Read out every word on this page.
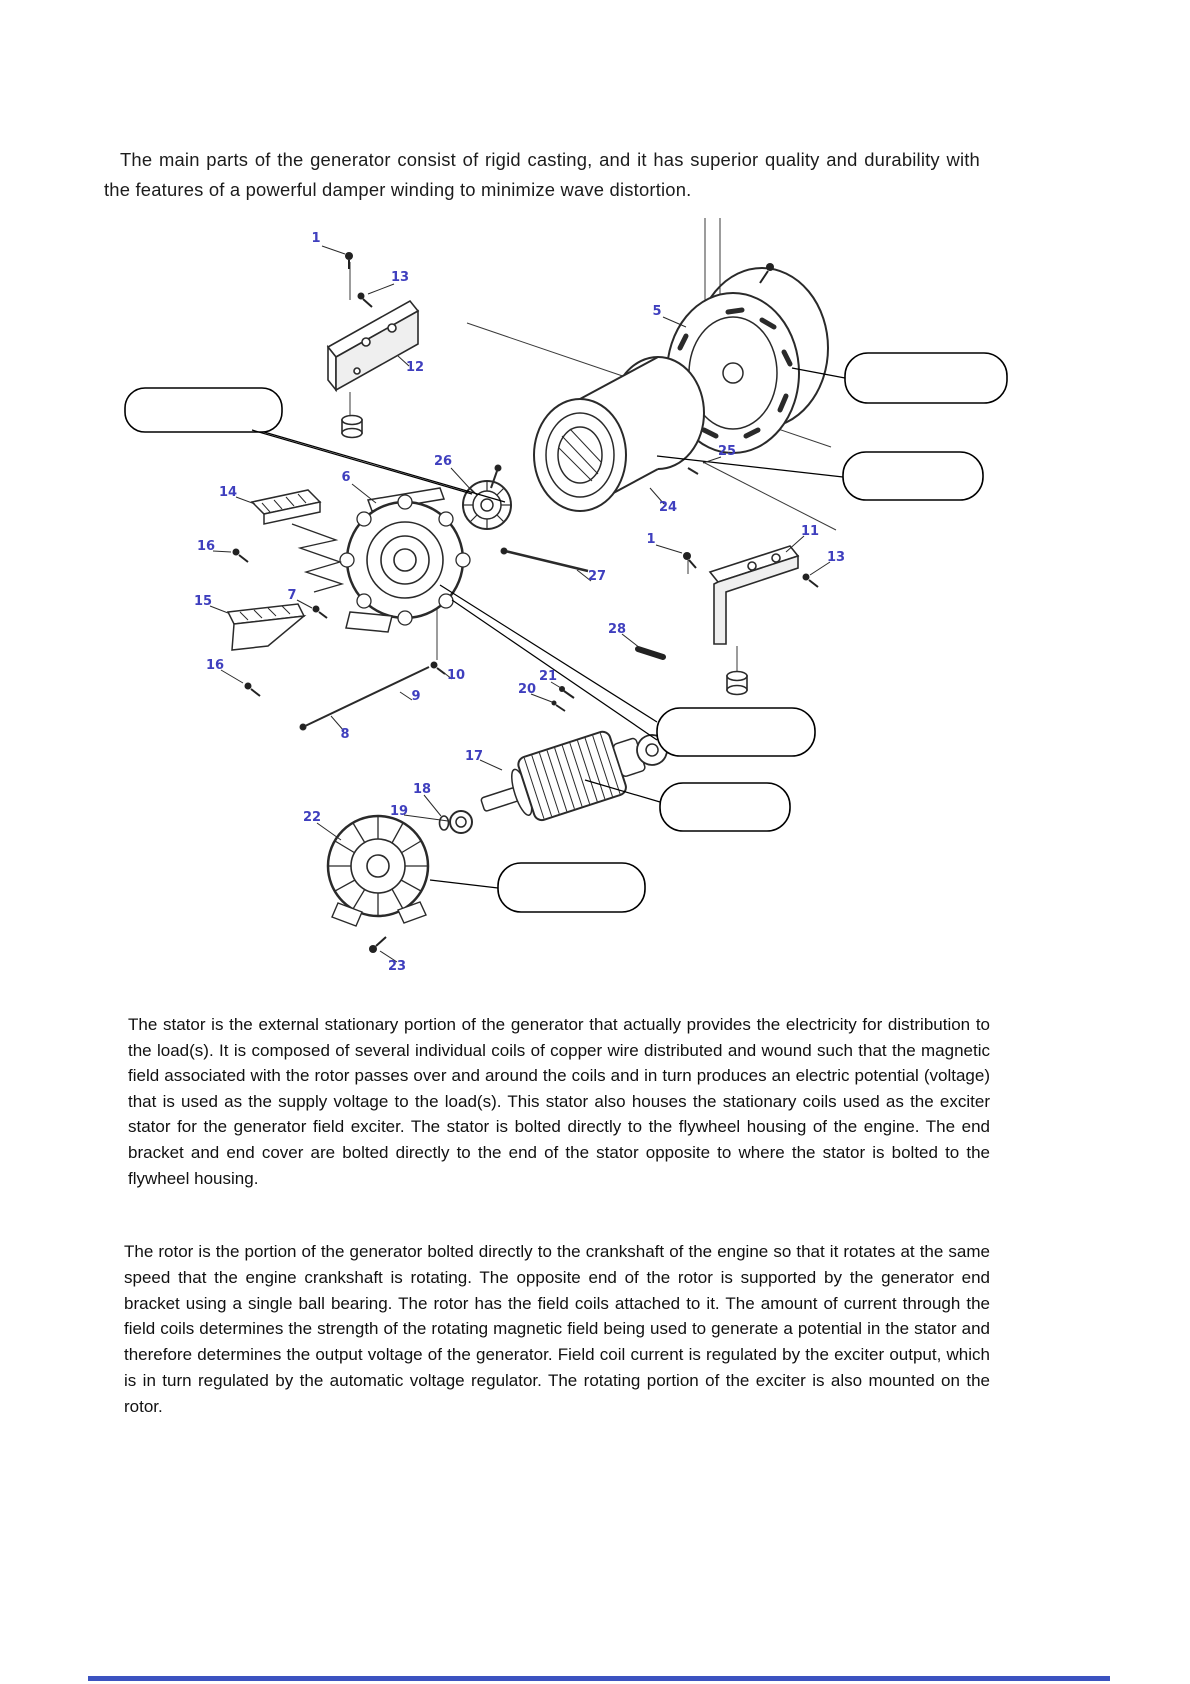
The main parts of the generator consist of rigid casting, and it has superior quality and durability with the features of a powerful damper winding to minimize wave distortion.

1
13
12
5
25
24
26
6
14
16
15	7
16
27
1
11
13
28
10
9
8
21
20
17
18
19
22
23

The stator is the external stationary portion of the generator that actually provides the electricity for distribution to the load(s). It is composed of several individual coils of copper wire distributed and wound such that the magnetic field associated with the rotor passes over and around the coils and in turn produces an electric potential (voltage) that is used as the supply voltage to the load(s). This stator also houses the stationary coils used as the exciter stator for the generator field exciter. The stator is bolted directly to the flywheel housing of the engine. The end bracket and end cover are bolted directly to the end of the stator opposite to where the stator is bolted to the flywheel housing.

The rotor is the portion of the generator bolted directly to the crankshaft of the engine so that it rotates at the same speed that the engine crankshaft is rotating. The opposite end of the rotor is supported by the generator end bracket using a single ball bearing. The rotor has the field coils attached to it. The amount of current through the field coils determines the strength of the rotating magnetic field being used to generate a potential in the stator and therefore determines the output voltage of the generator. Field coil current is regulated by the exciter output, which is in turn regulated by the automatic voltage regulator. The rotating portion of the exciter is also mounted on the rotor.
